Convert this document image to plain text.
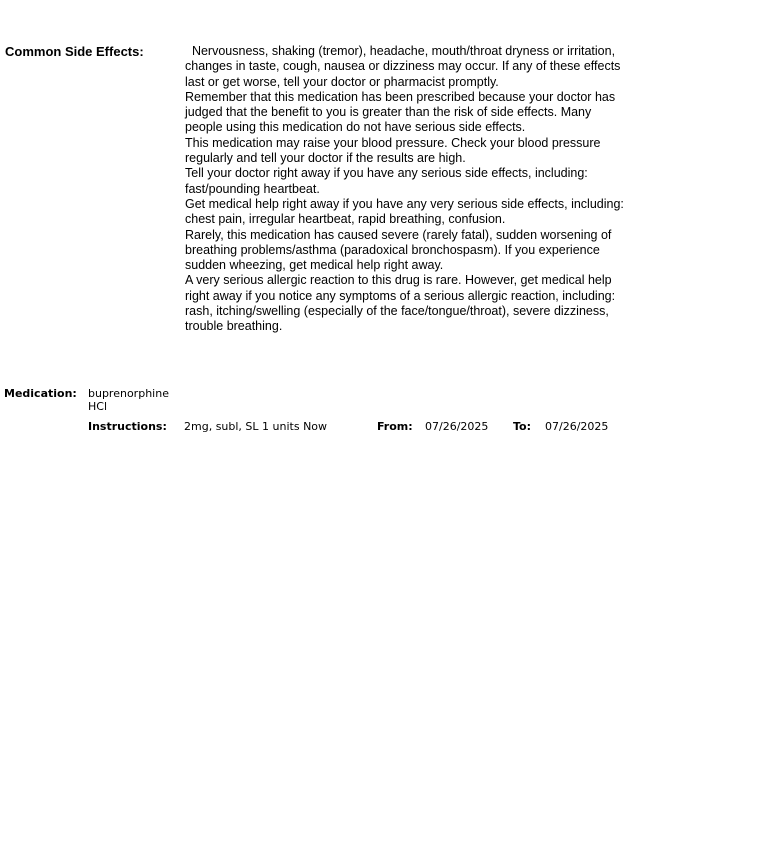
Common Side Effects:	Nervousness, shaking (tremor), headache, mouth/throat dryness or irritation, changes in taste, cough, nausea or dizziness may occur. If any of these effects last or get worse, tell your doctor or pharmacist promptly.

Remember that this medication has been prescribed because your doctor has judged that the benefit to you is greater than the risk of side effects. Many people using this medication do not have serious side effects.

This medication may raise your blood pressure. Check your blood pressure regularly and tell your doctor if the results are high.

Tell your doctor right away if you have any serious side effects, including: fast/pounding heartbeat.

Get medical help right away if you have any very serious side effects, including: chest pain, irregular heartbeat, rapid breathing, confusion.

Rarely, this medication has caused severe (rarely fatal), sudden worsening of breathing problems/asthma (paradoxical bronchospasm). If you experience sudden wheezing, get medical help right away.

A very serious allergic reaction to this drug is rare. However, get medical help right away if you notice any symptoms of a serious allergic reaction, including: rash, itching/swelling (especially of the face/tongue/throat), severe dizziness, trouble breathing.

Medication: buprenorphine HCl
Instructions: 2mg, subl, SL 1 units Now	From: 07/26/2025 To: 07/26/2025
